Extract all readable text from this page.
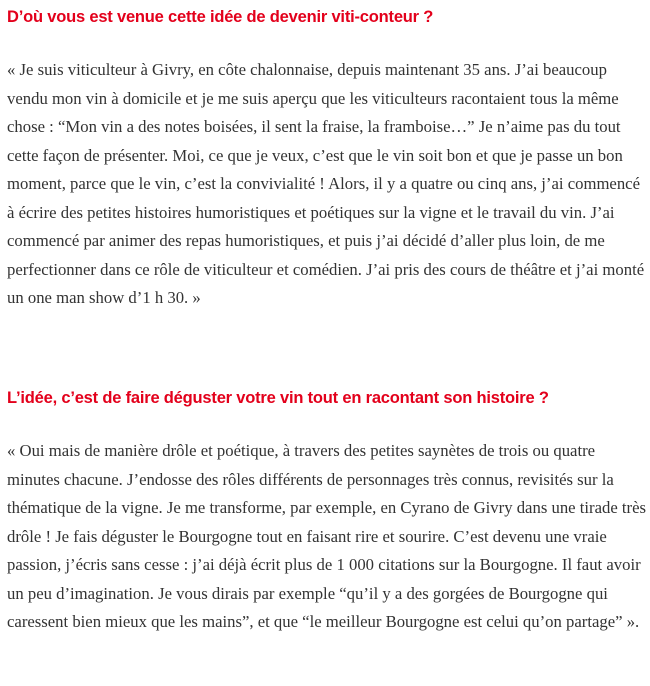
D’où vous est venue cette idée de devenir viti-conteur ?

« Je suis viticulteur à Givry, en côte chalonnaise, depuis maintenant 35 ans. J’ai beaucoup vendu mon vin à domicile et je me suis aperçu que les viticulteurs racontaient tous la même chose : “Mon vin a des notes boisées, il sent la fraise, la framboise…” Je n’aime pas du tout cette façon de présenter. Moi, ce que je veux, c’est que le vin soit bon et que je passe un bon moment, parce que le vin, c’est la convivialité ! Alors, il y a quatre ou cinq ans, j’ai commencé à écrire des petites histoires humoristiques et poétiques sur la vigne et le travail du vin. J’ai commencé par animer des repas humoristiques, et puis j’ai décidé d’aller plus loin, de me perfectionner dans ce rôle de viticulteur et comédien. J’ai pris des cours de théâtre et j’ai monté un one man show d’1 h 30. »

L’idée, c’est de faire déguster votre vin tout en racontant son histoire ?

« Oui mais de manière drôle et poétique, à travers des petites saynètes de trois ou quatre minutes chacune. J’endosse des rôles différents de personnages très connus, revisités sur la thématique de la vigne. Je me transforme, par exemple, en Cyrano de Givry dans une tirade très drôle ! Je fais déguster le Bourgogne tout en faisant rire et sourire. C’est devenu une vraie passion, j’écris sans cesse : j’ai déjà écrit plus de 1 000 citations sur la Bourgogne. Il faut avoir un peu d’imagination. Je vous dirais par exemple “qu’il y a des gorgées de Bourgogne qui caressent bien mieux que les mains”, et que “le meilleur Bourgogne est celui qu’on partage” ».
